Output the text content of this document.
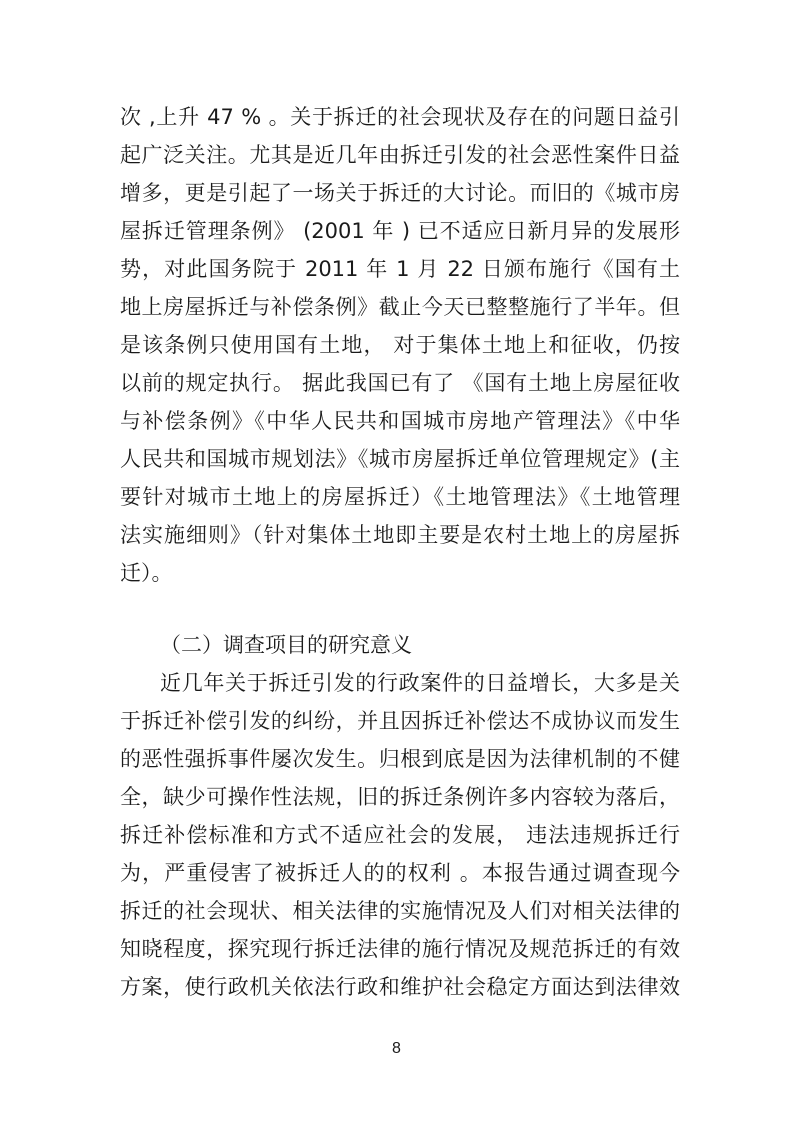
次 ,上升 47 % 。关于拆迁的社会现状及存在的问题日益引
起广泛关注。尤其是近几年由拆迁引发的社会恶性案件日益
增多，更是引起了一场关于拆迁的大讨论。而旧的《城市房
屋拆迁管理条例》 (2001 年 ) 已不适应日新月异的发展形
势，对此国务院于 2011 年 1 月 22 日颁布施行《国有土
地上房屋拆迁与补偿条例》截止今天已整整施行了半年。但
是该条例只使用国有土地， 对于集体土地上和征收，仍按
以前的规定执行。 据此我国已有了 《国有土地上房屋征收
与补偿条例》《中华人民共和国城市房地产管理法》《中华
人民共和国城市规划法》《城市房屋拆迁单位管理规定》(主
要针对城市土地上的房屋拆迁）《土地管理法》《土地管理
法实施细则》（针对集体土地即主要是农村土地上的房屋拆
迁）。
（二）调查项目的研究意义
近几年关于拆迁引发的行政案件的日益增长，大多是关
于拆迁补偿引发的纠纷，并且因拆迁补偿达不成协议而发生
的恶性强拆事件屡次发生。归根到底是因为法律机制的不健
全，缺少可操作性法规，旧的拆迁条例许多内容较为落后，
拆迁补偿标准和方式不适应社会的发展， 违法违规拆迁行
为，严重侵害了被拆迁人的的权利 。本报告通过调查现今
拆迁的社会现状、相关法律的实施情况及人们对相关法律的
知晓程度，探究现行拆迁法律的施行情况及规范拆迁的有效
方案，使行政机关依法行政和维护社会稳定方面达到法律效
8
